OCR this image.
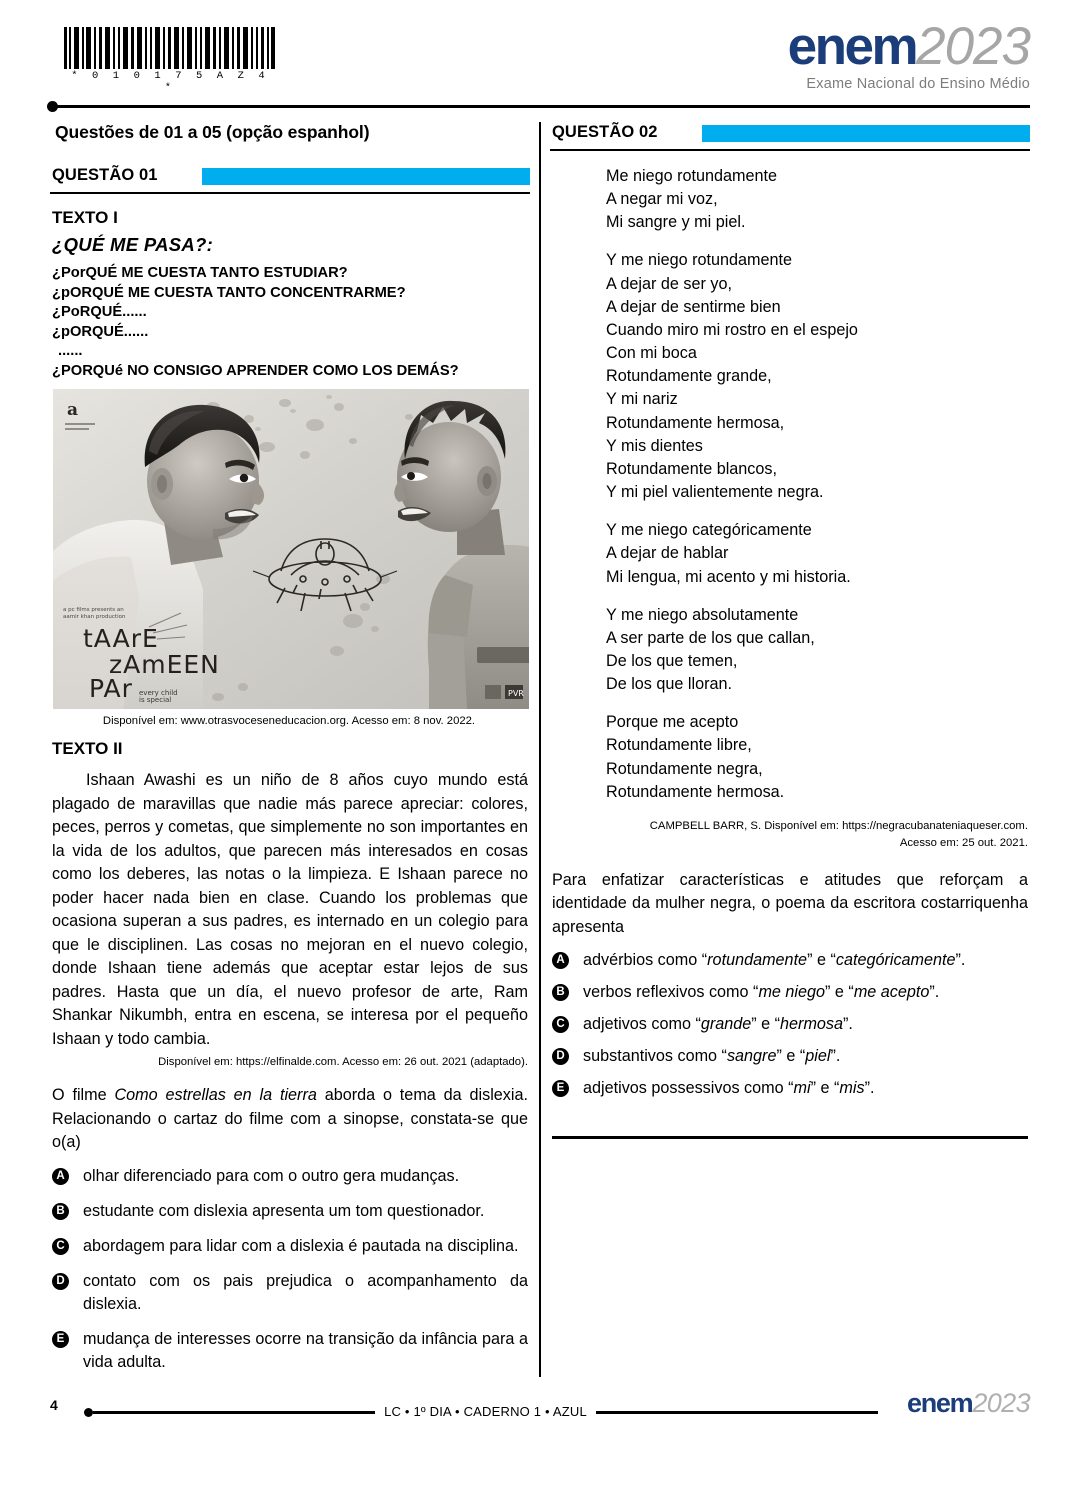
* 0 1 0 1 7 5 A Z 4 *
enem2023
Exame Nacional do Ensino Médio
Questões de 01 a 05 (opção espanhol)
QUESTÃO 01
TEXTO I
¿QUÉ ME PASA?:
¿PorQUÉ ME CUESTA TANTO ESTUDIAR?
¿pORQUÉ ME CUESTA TANTO CONCENTRARME?
¿PoRQUÉ......
¿pORQUÉ......
......
¿PORQUé NO CONSIGO APRENDER COMO LOS DEMÁS?
tAArE
zAmEEN
PAr every child
is special
a
a pc films presents an
aamir khan production
PVR
Disponível em: www.otrasvoceseneducacion.org. Acesso em: 8 nov. 2022.
TEXTO II
Ishaan Awashi es un niño de 8 años cuyo mundo está plagado de maravillas que nadie más parece apreciar: colores, peces, perros y cometas, que simplemente no son importantes en la vida de los adultos, que parecen más interesados en cosas como los deberes, las notas o la limpieza. E Ishaan parece no poder hacer nada bien en clase. Cuando los problemas que ocasiona superan a sus padres, es internado en un colegio para que le disciplinen. Las cosas no mejoran en el nuevo colegio, donde Ishaan tiene además que aceptar estar lejos de sus padres. Hasta que un día, el nuevo profesor de arte, Ram Shankar Nikumbh, entra en escena, se interesa por el pequeño Ishaan y todo cambia.
Disponível em: https://elfinalde.com. Acesso em: 26 out. 2021 (adaptado).
O filme Como estrellas en la tierra aborda o tema da dislexia. Relacionando o cartaz do filme com a sinopse, constata-se que o(a)
A olhar diferenciado para com o outro gera mudanças.
B estudante com dislexia apresenta um tom questionador.
C abordagem para lidar com a dislexia é pautada na disciplina.
D contato com os pais prejudica o acompanhamento da dislexia.
E mudança de interesses ocorre na transição da infância para a vida adulta.
QUESTÃO 02
Me niego rotundamente
A negar mi voz,
Mi sangre y mi piel.
Y me niego rotundamente
A dejar de ser yo,
A dejar de sentirme bien
Cuando miro mi rostro en el espejo
Con mi boca
Rotundamente grande,
Y mi nariz
Rotundamente hermosa,
Y mis dientes
Rotundamente blancos,
Y mi piel valientemente negra.
Y me niego categóricamente
A dejar de hablar
Mi lengua, mi acento y mi historia.
Y me niego absolutamente
A ser parte de los que callan,
De los que temen,
De los que lloran.
Porque me acepto
Rotundamente libre,
Rotundamente negra,
Rotundamente hermosa.
CAMPBELL BARR, S. Disponível em: https://negracubanateniaqueser.com.
Acesso em: 25 out. 2021.
Para enfatizar características e atitudes que reforçam a identidade da mulher negra, o poema da escritora costarriquenha apresenta
A advérbios como “rotundamente” e “categóricamente”.
B verbos reflexivos como “me niego” e “me acepto”.
C adjetivos como “grande” e “hermosa”.
D substantivos como “sangre” e “piel”.
E adjetivos possessivos como “mi” e “mis”.
4	LC • 1º DIA • CADERNO 1 • AZUL	enem2023
